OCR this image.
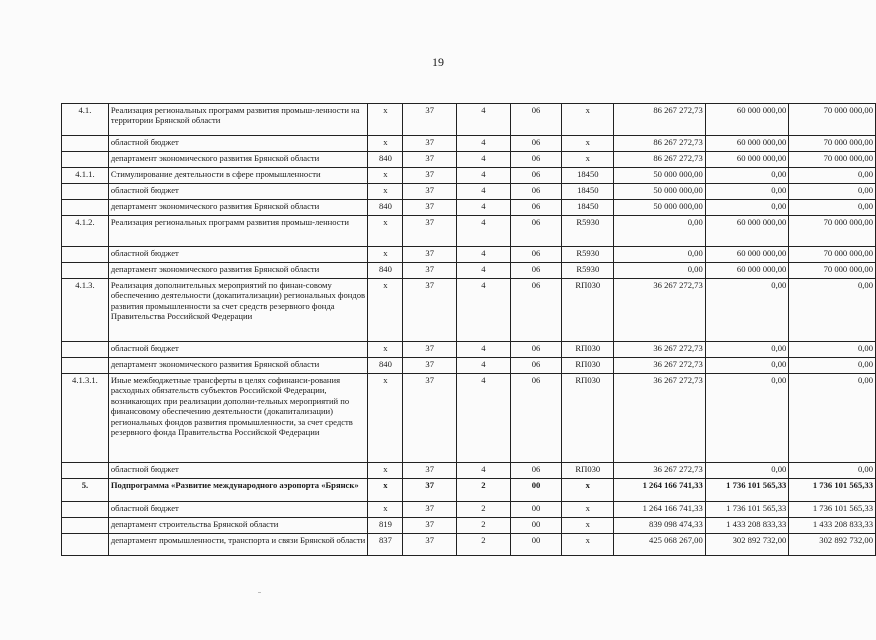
19
4.1.	Реализация региональных программ развития промыш-ленности на территории Брянской области	х	37	4	06	х	86 267 272,73	60 000 000,00	70 000 000,00
	областной бюджет	х	37	4	06	х	86 267 272,73	60 000 000,00	70 000 000,00
	департамент экономического развития Брянской области	840	37	4	06	х	86 267 272,73	60 000 000,00	70 000 000,00
4.1.1.	Стимулирование деятельности в сфере промышленности	х	37	4	06	18450	50 000 000,00	0,00	0,00
	областной бюджет	х	37	4	06	18450	50 000 000,00	0,00	0,00
	департамент экономического развития Брянской области	840	37	4	06	18450	50 000 000,00	0,00	0,00
4.1.2.	Реализация региональных программ развития промыш-ленности	х	37	4	06	R5930	0,00	60 000 000,00	70 000 000,00
	областной бюджет	х	37	4	06	R5930	0,00	60 000 000,00	70 000 000,00
	департамент экономического развития Брянской области	840	37	4	06	R5930	0,00	60 000 000,00	70 000 000,00
4.1.3.	Реализация дополнительных мероприятий по финан-совому обеспечению деятельности (докапитализации) региональных фондов развития промышленности за счет средств резервного фонда Правительства Российской Федерации	х	37	4	06	RП030	36 267 272,73	0,00	0,00
	областной бюджет	х	37	4	06	RП030	36 267 272,73	0,00	0,00
	департамент экономического развития Брянской области	840	37	4	06	RП030	36 267 272,73	0,00	0,00
4.1.3.1.	Иные межбюджетные трансферты в целях софинанси-рования расходных обязательств субъектов Российской Федерации, возникающих при реализации дополни-тельных мероприятий по финансовому обеспечению деятельности (докапитализации) региональных фондов развития промышленности, за счет средств резервного фонда Правительства Российской Федерации	х	37	4	06	RП030	36 267 272,73	0,00	0,00
	областной бюджет	х	37	4	06	RП030	36 267 272,73	0,00	0,00
5.	Подпрограмма «Развитие международного аэропорта «Брянск»	х	37	2	00	х	1 264 166 741,33	1 736 101 565,33	1 736 101 565,33
	областной бюджет	х	37	2	00	х	1 264 166 741,33	1 736 101 565,33	1 736 101 565,33
	департамент строительства Брянской области	819	37	2	00	х	839 098 474,33	1 433 208 833,33	1 433 208 833,33
	департамент промышленности, транспорта и связи Брянской области	837	37	2	00	х	425 068 267,00	302 892 732,00	302 892 732,00
